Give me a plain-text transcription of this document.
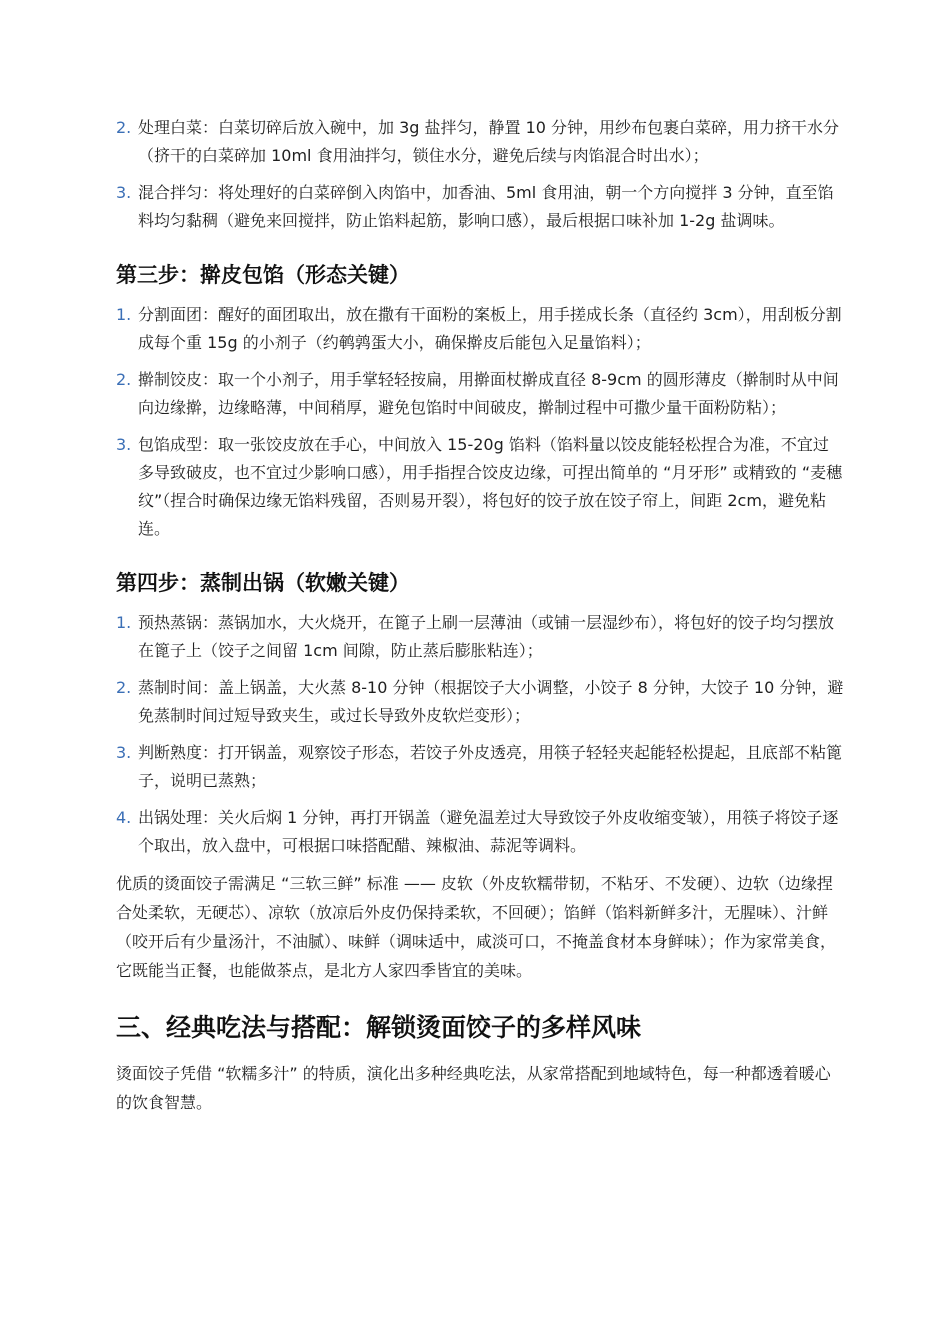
2. 处理白菜：白菜切碎后放入碗中，加 3g 盐拌匀，静置 10 分钟，用纱布包裹白菜碎，用力挤干水分（挤干的白菜碎加 10ml 食用油拌匀，锁住水分，避免后续与肉馅混合时出水）；
3. 混合拌匀：将处理好的白菜碎倒入肉馅中，加香油、5ml 食用油，朝一个方向搅拌 3 分钟，直至馅料均匀黏稠（避免来回搅拌，防止馅料起筋，影响口感），最后根据口味补加 1-2g 盐调味。
第三步：擀皮包馅（形态关键）
1. 分割面团：醒好的面团取出，放在撒有干面粉的案板上，用手搓成长条（直径约 3cm），用刮板分割成每个重 15g 的小剂子（约鹌鹑蛋大小，确保擀皮后能包入足量馅料）；
2. 擀制饺皮：取一个小剂子，用手掌轻轻按扁，用擀面杖擀成直径 8-9cm 的圆形薄皮（擀制时从中间向边缘擀，边缘略薄，中间稍厚，避免包馅时中间破皮，擀制过程中可撒少量干面粉防粘）；
3. 包馅成型：取一张饺皮放在手心，中间放入 15-20g 馅料（馅料量以饺皮能轻松捏合为准，不宜过多导致破皮，也不宜过少影响口感），用手指捏合饺皮边缘，可捏出简单的 “月牙形” 或精致的 “麦穗纹”（捏合时确保边缘无馅料残留，否则易开裂），将包好的饺子放在饺子帘上，间距 2cm，避免粘连。
第四步：蒸制出锅（软嫩关键）
1. 预热蒸锅：蒸锅加水，大火烧开，在篦子上刷一层薄油（或铺一层湿纱布），将包好的饺子均匀摆放在篦子上（饺子之间留 1cm 间隙，防止蒸后膨胀粘连）；
2. 蒸制时间：盖上锅盖，大火蒸 8-10 分钟（根据饺子大小调整，小饺子 8 分钟，大饺子 10 分钟，避免蒸制时间过短导致夹生，或过长导致外皮软烂变形）；
3. 判断熟度：打开锅盖，观察饺子形态，若饺子外皮透亮，用筷子轻轻夹起能轻松提起，且底部不粘篦子，说明已蒸熟；
4. 出锅处理：关火后焖 1 分钟，再打开锅盖（避免温差过大导致饺子外皮收缩变皱），用筷子将饺子逐个取出，放入盘中，可根据口味搭配醋、辣椒油、蒜泥等调料。

优质的烫面饺子需满足 “三软三鲜” 标准 —— 皮软（外皮软糯带韧，不粘牙、不发硬）、边软（边缘捏合处柔软，无硬芯）、凉软（放凉后外皮仍保持柔软，不回硬）；馅鲜（馅料新鲜多汁，无腥味）、汁鲜（咬开后有少量汤汁，不油腻）、味鲜（调味适中，咸淡可口，不掩盖食材本身鲜味）；作为家常美食，它既能当正餐，也能做茶点，是北方人家四季皆宜的美味。

三、经典吃法与搭配：解锁烫面饺子的多样风味

烫面饺子凭借 “软糯多汁” 的特质，演化出多种经典吃法，从家常搭配到地域特色，每一种都透着暖心的饮食智慧。
